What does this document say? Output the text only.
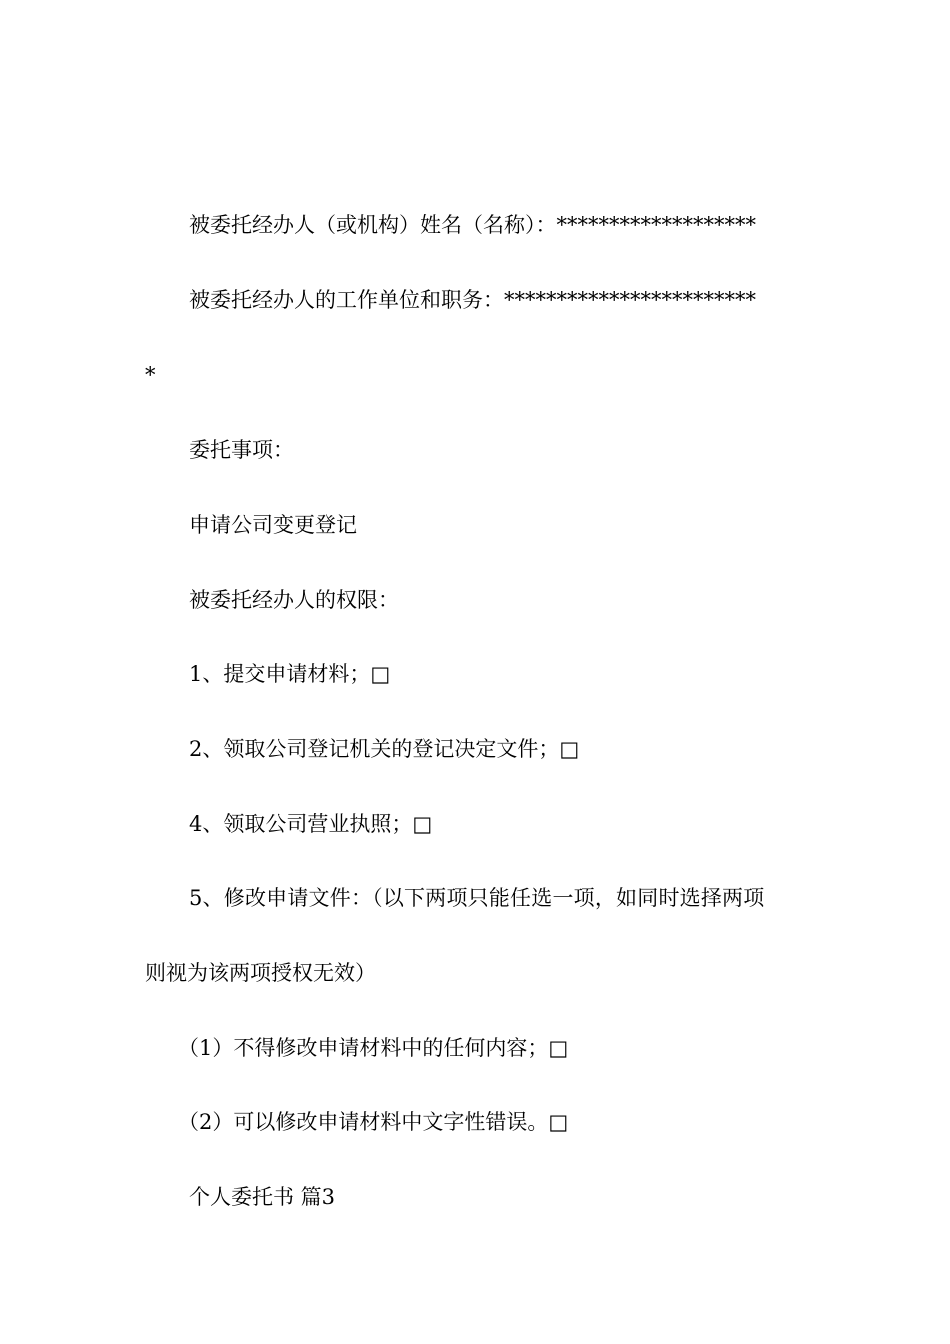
被委托经办人（或机构）姓名（名称）：*******************
被委托经办人的工作单位和职务：************************
*
委托事项：
申请公司变更登记
被委托经办人的权限：
1、提交申请材料；□
2、领取公司登记机关的登记决定文件；□
4、领取公司营业执照；□
5、修改申请文件：（以下两项只能任选一项，如同时选择两项
则视为该两项授权无效）
（1）不得修改申请材料中的任何内容；□
（2）可以修改申请材料中文字性错误。□
个人委托书 篇3
